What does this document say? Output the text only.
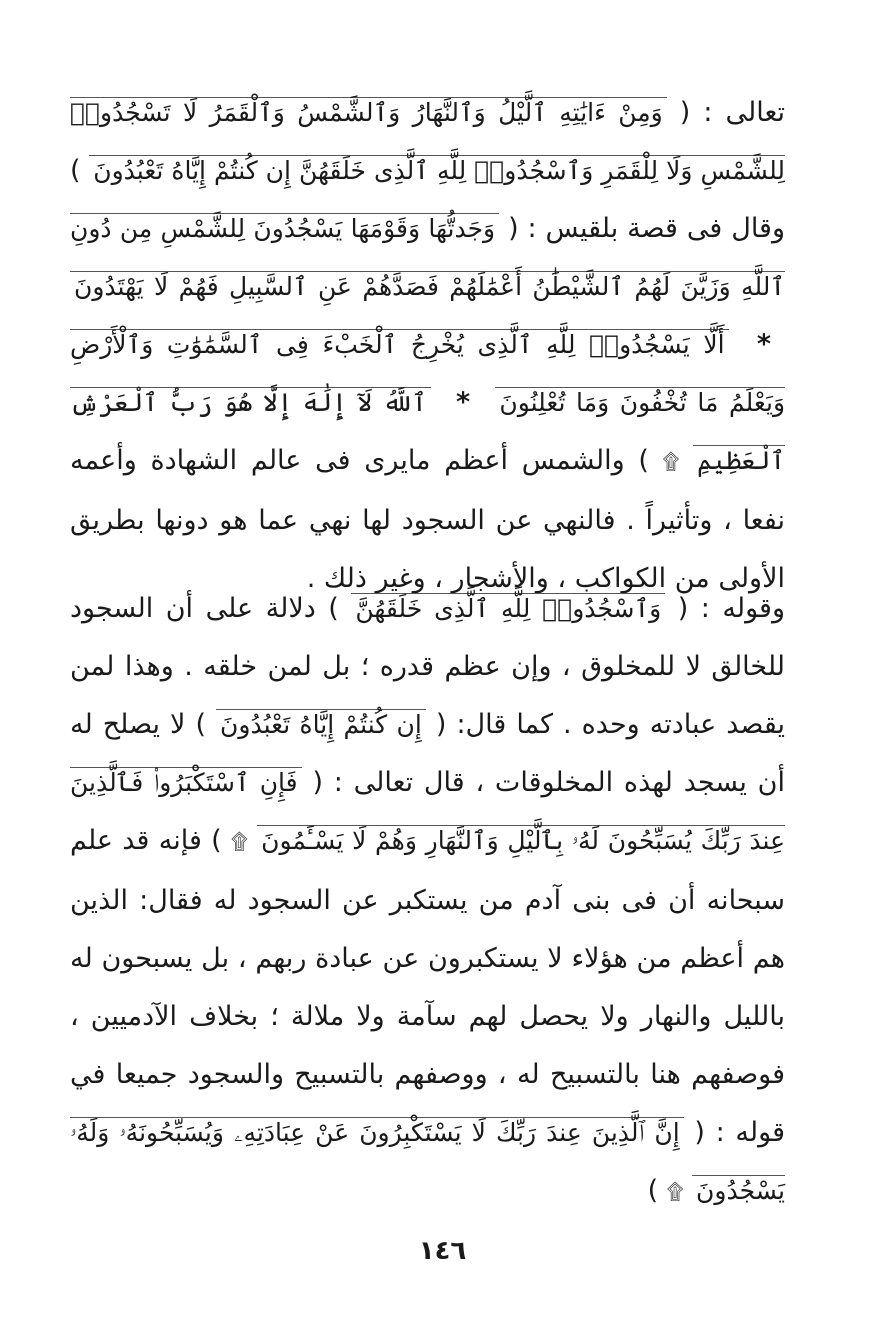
تعالى : ( وَمِنْ ءَايَٰتِهِ ٱلَّيْلُ وَٱلنَّهَارُ وَٱلشَّمْسُ وَٱلْقَمَرُ لَا تَسْجُدُوا۟ لِلشَّمْسِ وَلَا لِلْقَمَرِ وَٱسْجُدُوا۟ لِلَّهِ ٱلَّذِى خَلَقَهُنَّ إِن كُنتُمْ إِيَّاهُ تَعْبُدُونَ ) وقال فى قصة بلقيس : ( وَجَدتُّهَا وَقَوْمَهَا يَسْجُدُونَ لِلشَّمْسِ مِن دُونِ ٱللَّهِ وَزَيَّنَ لَهُمُ ٱلشَّيْطَٰنُ أَعْمَٰلَهُمْ فَصَدَّهُمْ عَنِ ٱلسَّبِيلِ فَهُمْ لَا يَهْتَدُونَ * أَلَّا يَسْجُدُوا۟ لِلَّهِ ٱلَّذِى يُخْرِجُ ٱلْخَبْءَ فِى ٱلسَّمَٰوَٰتِ وَٱلْأَرْضِ وَيَعْلَمُ مَا تُخْفُونَ وَمَا تُعْلِنُونَ * ٱللَّهُ لَآ إِلَٰهَ إِلَّا هُوَ رَبُّ ٱلْعَرْشِ ٱلْعَظِيمِ ۩ ) والشمس أعظم مايرى فى عالم الشهادة وأعمه نفعا ، وتأثيراً . فالنهي عن السجود لها نهي عما هو دونها بطريق الأولى من الكواكب ، والأشجار ، وغير ذلك .

وقوله : ( وَٱسْجُدُوا۟ لِلَّهِ ٱلَّذِى خَلَقَهُنَّ ) دلالة على أن السجود للخالق لا للمخلوق ، وإن عظم قدره ؛ بل لمن خلقه . وهذا لمن يقصد عبادته وحده . كما قال: ( إِن كُنتُمْ إِيَّاهُ تَعْبُدُونَ ) لا يصلح له أن يسجد لهذه المخلوقات ، قال تعالى : ( فَإِنِ ٱسْتَكْبَرُوا۟ فَٱلَّذِينَ عِندَ رَبِّكَ يُسَبِّحُونَ لَهُۥ بِٱلَّيْلِ وَٱلنَّهَارِ وَهُمْ لَا يَسْـَٔمُونَ ۩ ) فإنه قد علم سبحانه أن فى بنى آدم من يستكبر عن السجود له فقال: الذين هم أعظم من هؤلاء لا يستكبرون عن عبادة ربهم ، بل يسبحون له بالليل والنهار ولا يحصل لهم سآمة ولا ملالة ؛ بخلاف الآدميين ، فوصفهم هنا بالتسبيح له ، ووصفهم بالتسبيح والسجود جميعا في قوله : ( إِنَّ ٱلَّذِينَ عِندَ رَبِّكَ لَا يَسْتَكْبِرُونَ عَنْ عِبَادَتِهِۦ وَيُسَبِّحُونَهُۥ وَلَهُۥ يَسْجُدُونَ ۩ )

١٤٦
